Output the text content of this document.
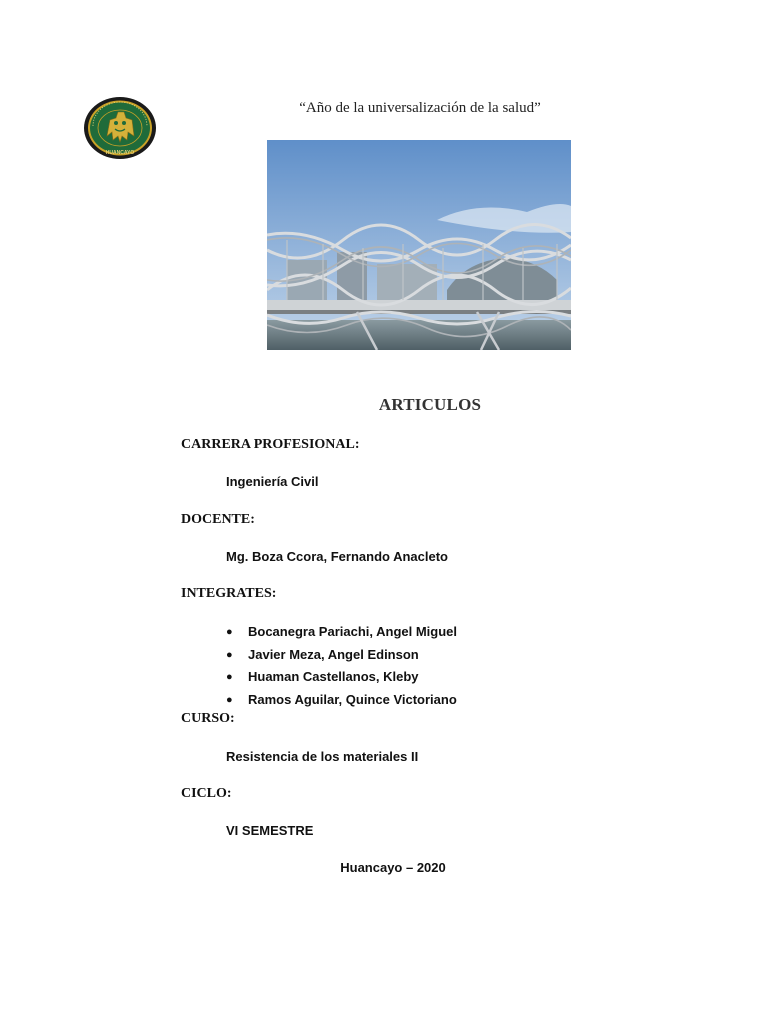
HUANCAYO
“Año de la universalización de la salud”
ARTICULOS
CARRERA PROFESIONAL:
Ingeniería Civil
DOCENTE:
Mg. Boza Ccora, Fernando Anacleto
INTEGRATES:
● Bocanegra Pariachi, Angel Miguel
● Javier Meza, Angel Edinson
● Huaman Castellanos, Kleby
● Ramos Aguilar, Quince Victoriano
CURSO:
Resistencia de los materiales II
CICLO:
VI SEMESTRE
Huancayo – 2020
